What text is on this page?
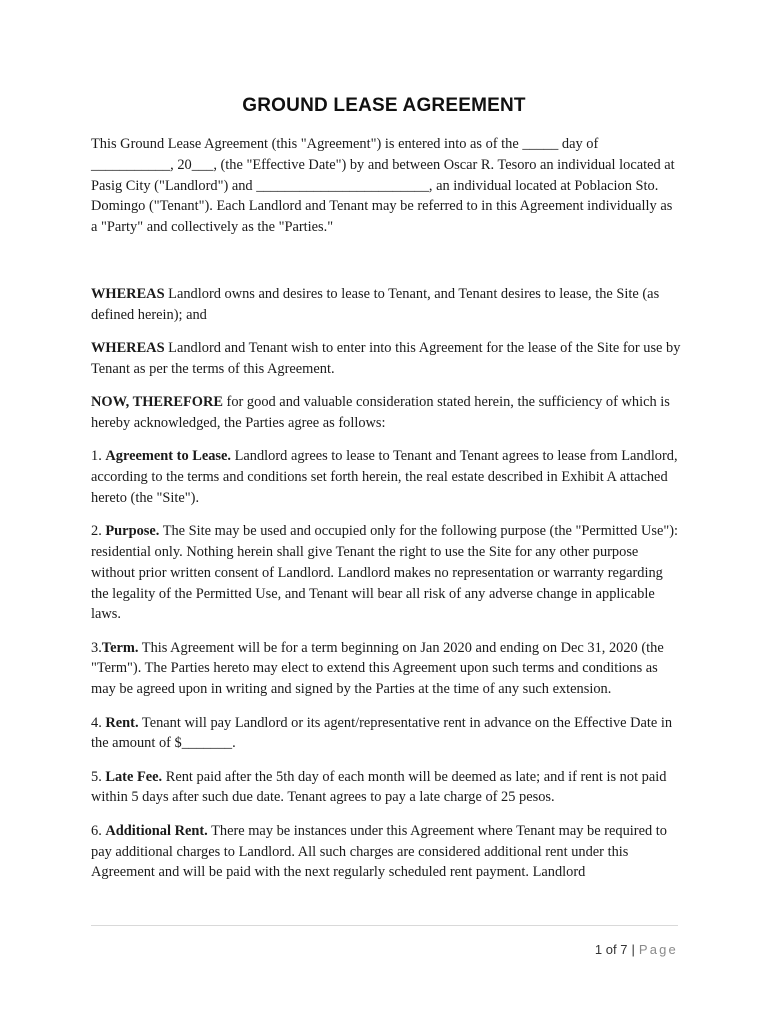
GROUND LEASE AGREEMENT

This Ground Lease Agreement (this "Agreement") is entered into as of the _____ day of ___________, 20___, (the "Effective Date") by and between Oscar R. Tesoro an individual located at Pasig City ("Landlord") and ________________________, an individual located at Poblacion Sto. Domingo ("Tenant"). Each Landlord and Tenant may be referred to in this Agreement individually as a "Party" and collectively as the "Parties."

WHEREAS Landlord owns and desires to lease to Tenant, and Tenant desires to lease, the Site (as defined herein); and

WHEREAS Landlord and Tenant wish to enter into this Agreement for the lease of the Site for use by Tenant as per the terms of this Agreement.

NOW, THEREFORE for good and valuable consideration stated herein, the sufficiency of which is hereby acknowledged, the Parties agree as follows:

1. Agreement to Lease. Landlord agrees to lease to Tenant and Tenant agrees to lease from Landlord, according to the terms and conditions set forth herein, the real estate described in Exhibit A attached hereto (the "Site").

2. Purpose. The Site may be used and occupied only for the following purpose (the "Permitted Use"): residential only. Nothing herein shall give Tenant the right to use the Site for any other purpose without prior written consent of Landlord. Landlord makes no representation or warranty regarding the legality of the Permitted Use, and Tenant will bear all risk of any adverse change in applicable laws.

3.Term. This Agreement will be for a term beginning on Jan 2020 and ending on Dec 31, 2020 (the "Term"). The Parties hereto may elect to extend this Agreement upon such terms and conditions as may be agreed upon in writing and signed by the Parties at the time of any such extension.

4. Rent. Tenant will pay Landlord or its agent/representative rent in advance on the Effective Date in the amount of $_______.

5. Late Fee. Rent paid after the 5th day of each month will be deemed as late; and if rent is not paid within 5 days after such due date. Tenant agrees to pay a late charge of 25 pesos.

6. Additional Rent. There may be instances under this Agreement where Tenant may be required to pay additional charges to Landlord. All such charges are considered additional rent under this Agreement and will be paid with the next regularly scheduled rent payment. Landlord

1 of 7 | Page
